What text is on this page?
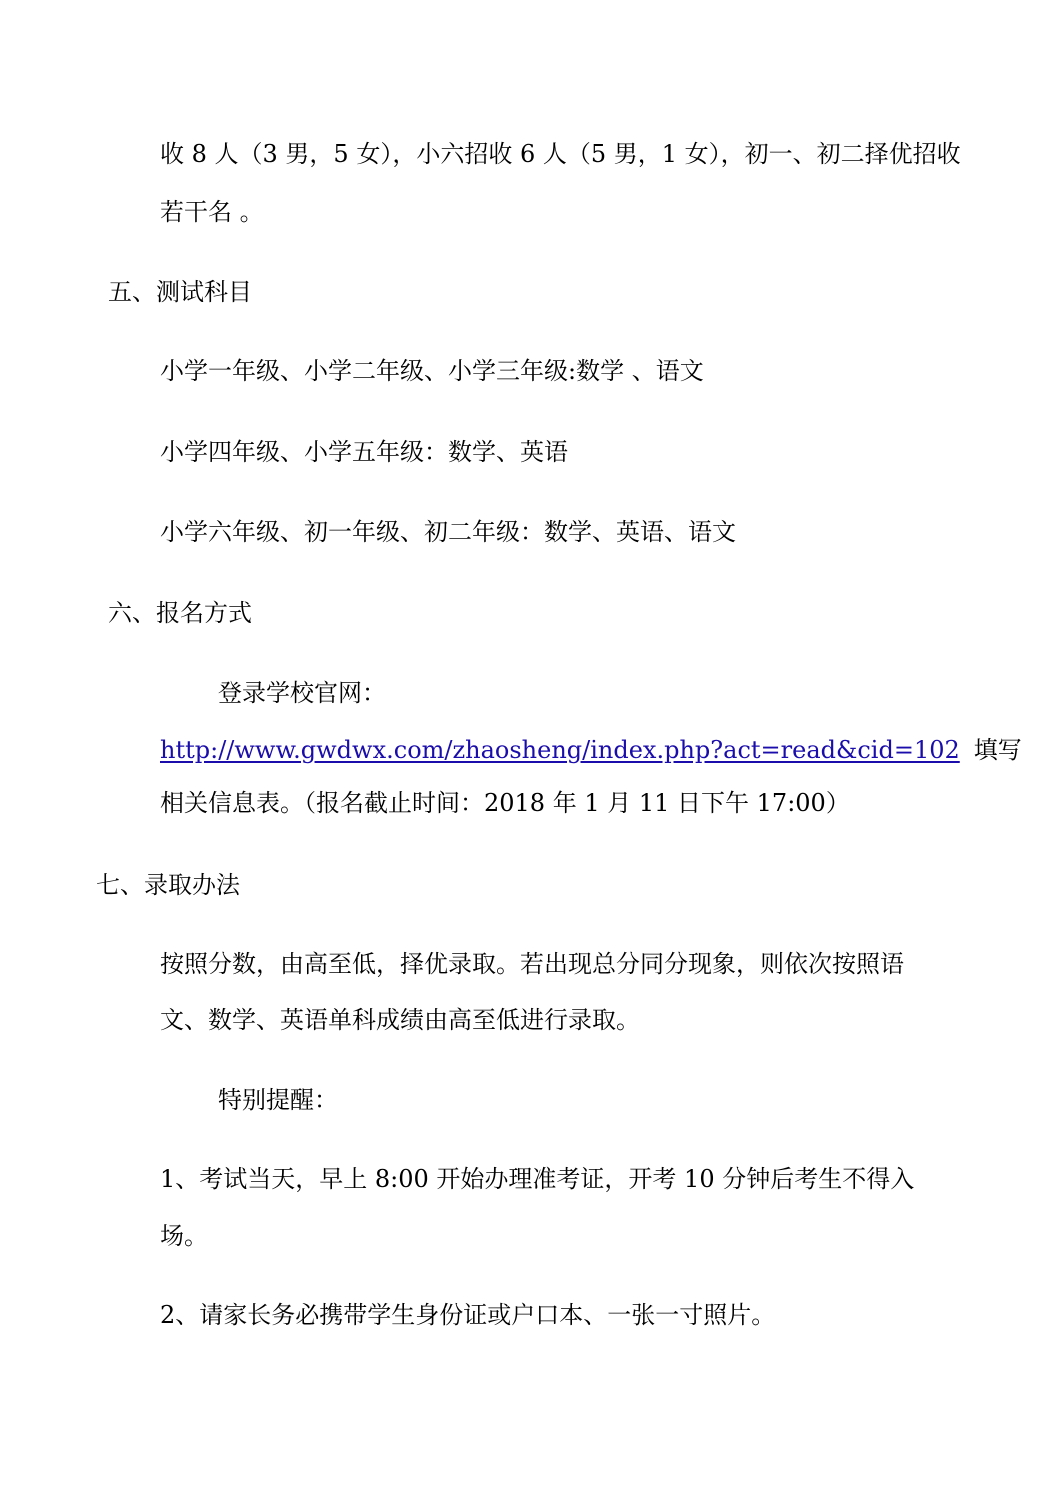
收 8 人（3 男，5 女），小六招收 6 人（5 男，1 女），初一、初二择优招收
若干名 。
五、测试科目
小学一年级、小学二年级、小学三年级:数学 、语文
小学四年级、小学五年级：数学、英语
小学六年级、初一年级、初二年级：数学、英语、语文
六、报名方式
登录学校官网：
http://www.gwdwx.com/zhaosheng/index.php?act=read&cid=102 填写
相关信息表。（报名截止时间：2018 年 1 月 11 日下午 17:00）
七、录取办法
按照分数，由高至低，择优录取。若出现总分同分现象，则依次按照语
文、数学、英语单科成绩由高至低进行录取。
特别提醒：
1、考试当天，早上 8:00 开始办理准考证，开考 10 分钟后考生不得入
场。
2、请家长务必携带学生身份证或户口本、一张一寸照片。
